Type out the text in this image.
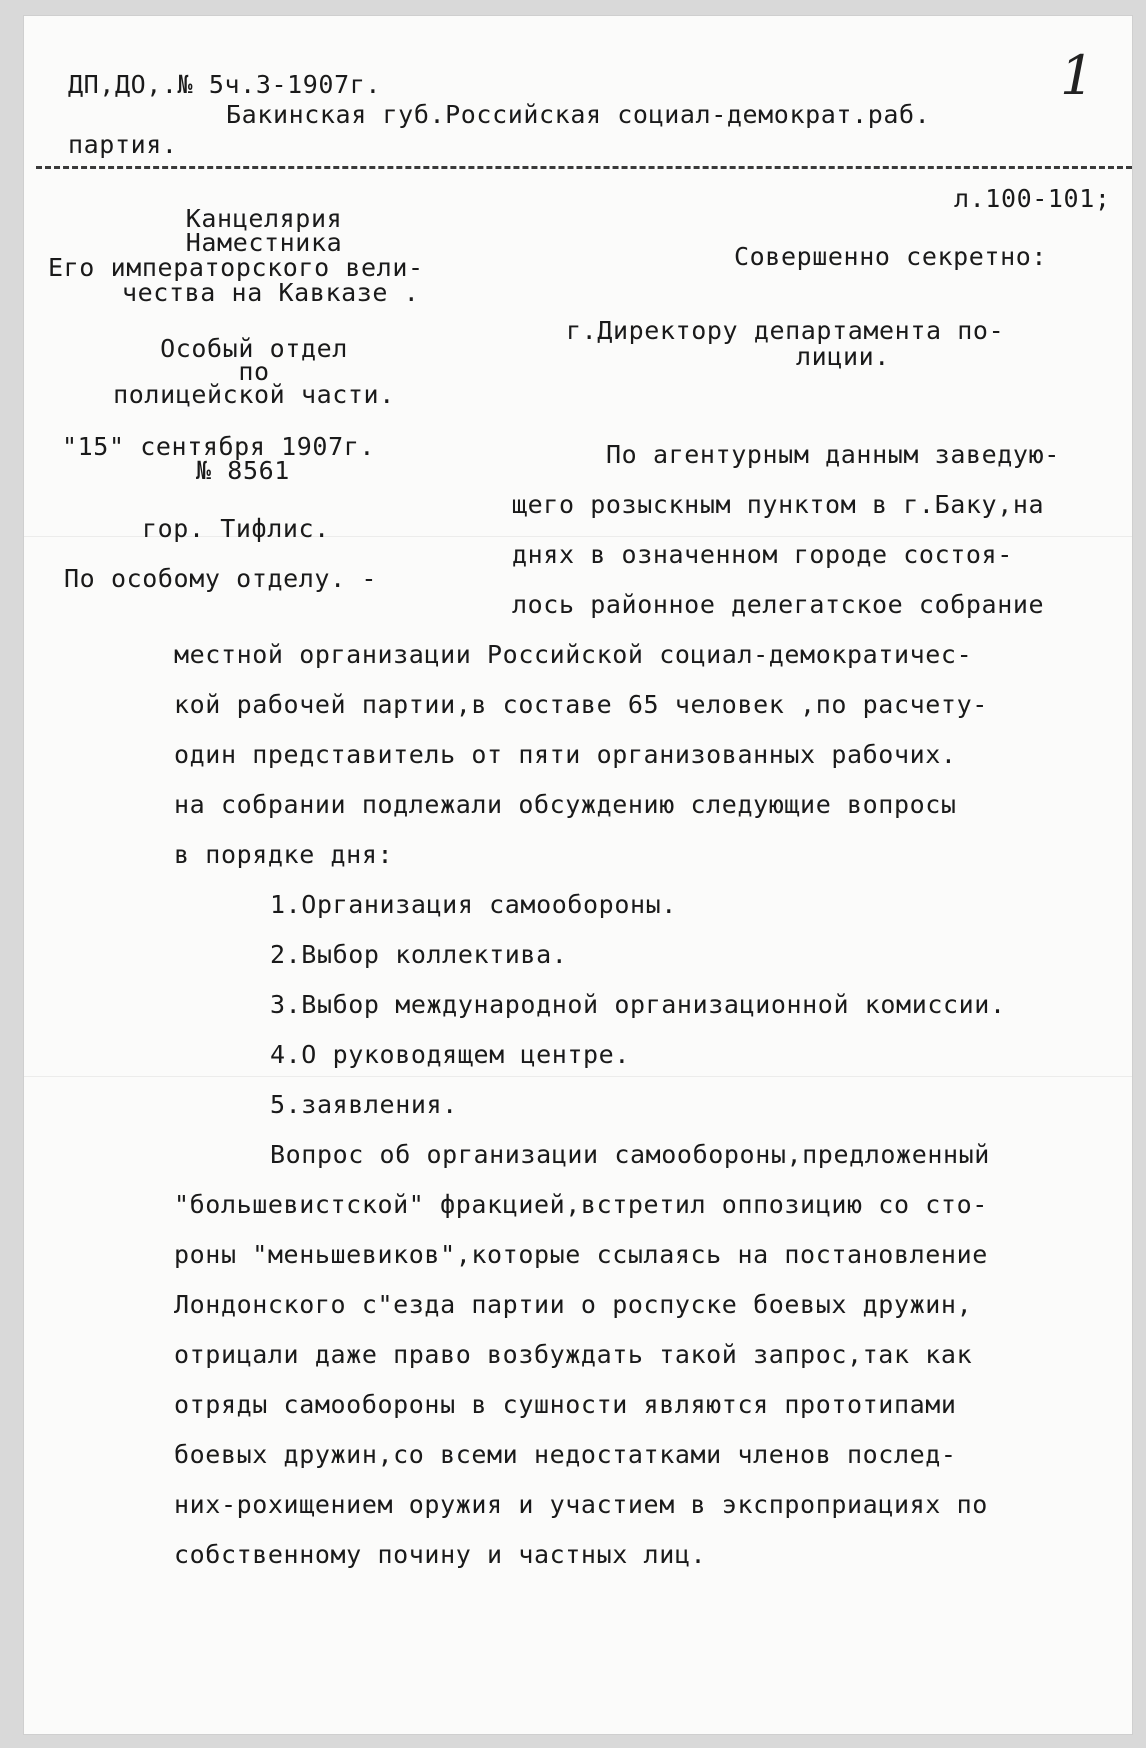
ДП,ДО,.№ 5ч.3-1907г.
Бакинская губ.Российская социал-демократ.раб.
партия.
1
л.100-101;
Канцелярия
Наместника
Его императорского вели-
чества на Кавказе .
Особый отдел
по
полицейской части.
"15" сентября 1907г.
№ 8561
гор. Тифлис.
По особому отделу. -
Совершенно секретно:
г.Директору департамента по-
лиции.
По агентурным данным заведую-
щего розыскным пунктом в г.Баку,на
днях в означенном городе состоя-
лось районное делегатское собрание
местной организации Российской социал-демократичес-
кой рабочей партии,в составе 65 человек ,по расчету-
один представитель от пяти организованных рабочих.
на собрании подлежали обсуждению следующие вопросы
в порядке дня:
1.Организация самообороны.
2.Выбор коллектива.
3.Выбор международной организационной комиссии.
4.О руководящем центре.
5.заявления.
Вопрос об организации самообороны,предложенный
"большевистской" фракцией,встретил оппозицию со сто-
роны "меньшевиков",которые ссылаясь на постановление
Лондонского с"езда партии о роспуске боевых дружин,
отрицали даже право возбуждать такой запрос,так как
отряды самообороны в сушности являются прототипами
боевых дружин,со всеми недостатками членов послед-
них-рохищением оружия и участием в экспроприациях по
собственному почину и частных лиц.
